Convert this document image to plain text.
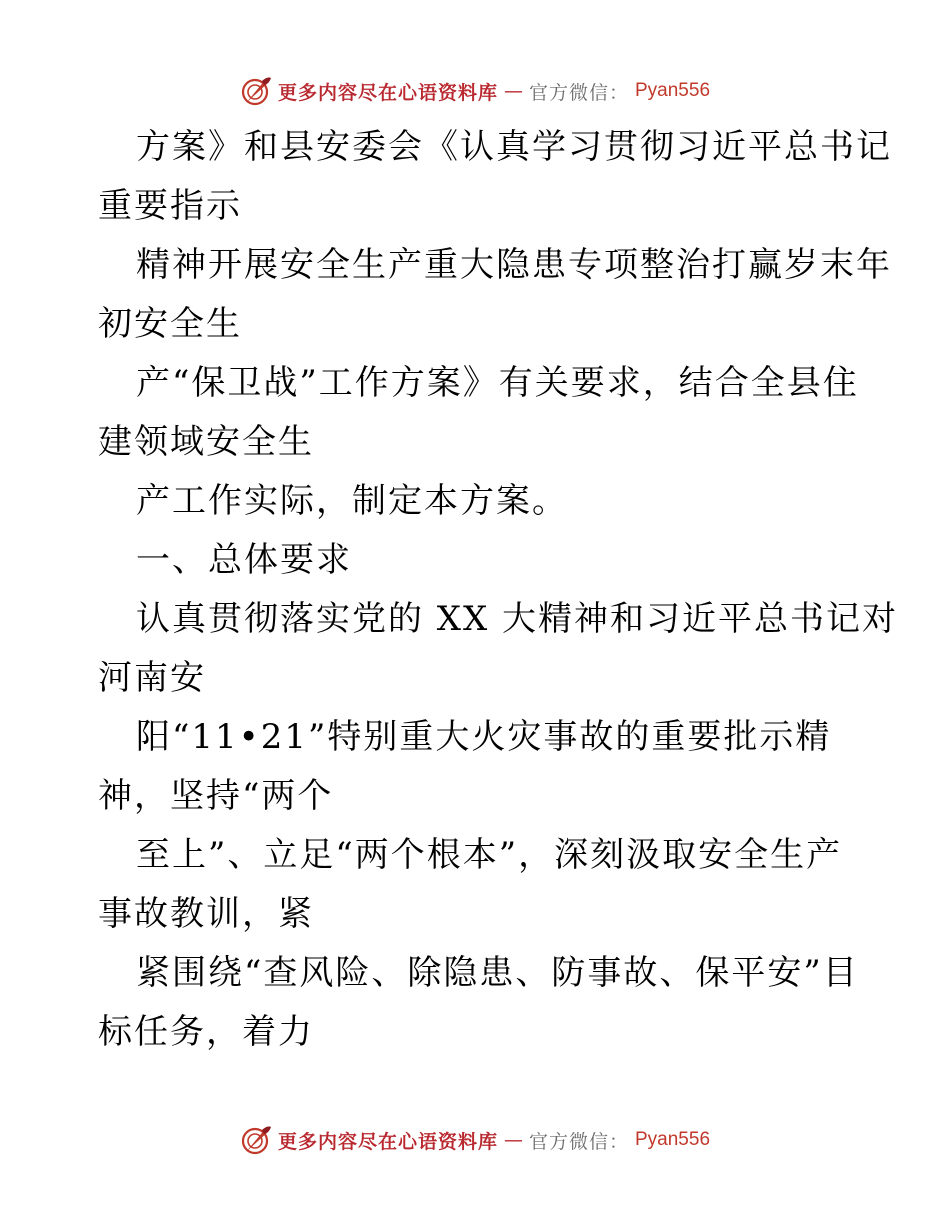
更多内容尽在心语资料库 — 官方微信： Pyan556
方案》和县安委会《认真学习贯彻习近平总书记
重要指示
精神开展安全生产重大隐患专项整治打赢岁末年
初安全生
产“保卫战”工作方案》有关要求，结合全县住
建领域安全生
产工作实际，制定本方案。
一、总体要求
认真贯彻落实党的 XX 大精神和习近平总书记对
河南安
阳“11•21”特别重大火灾事故的重要批示精
神，坚持“两个
至上”、立足“两个根本”，深刻汲取安全生产
事故教训，紧
紧围绕“查风险、除隐患、防事故、保平安”目
标任务，着力
更多内容尽在心语资料库 — 官方微信： Pyan556
